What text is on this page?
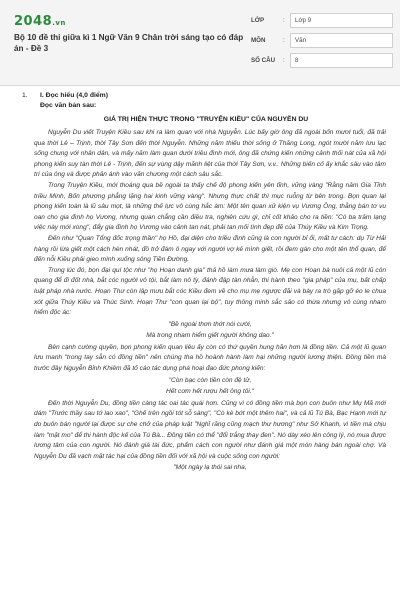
2048.vn
Bộ 10 đề thi giữa kì 1 Ngữ Văn 9 Chân trời sáng tạo có đáp án - Đề 3
LỚP	:	Lớp 9
MÔN	:	Văn
SỐ CÂU	:	8
1. I. Đọc hiểu (4,0 điểm)
Đọc văn bản sau:
GIÁ TRỊ HIỆN THỰC TRONG "TRUYỆN KIỀU" CỦA NGUYỄN DU

Nguyễn Du viết Truyện Kiều sau khi ra làm quan với nhà Nguyễn. Lúc bấy giờ ông đã ngoài bốn mươi tuổi, đã trải qua thời Lê – Trịnh, thời Tây Sơn đến thời Nguyễn. Những năm thiếu thời sống ở Thăng Long, ngót mười năm lưu lạc sống chung với nhân dân, và mấy năm làm quan dưới triều đình mới, ông đã chứng kiến những cảnh thối nát của xã hội phong kiến suy tàn thời Lê - Trịnh, đến sự vùng dậy mãnh liệt của thời Tây Sơn, v.v.. Những biến cố ấy khắc sâu vào tâm trí của ông và được phản ánh vào văn chương một cách sâu sắc.

Trong Truyện Kiều, mới thoáng qua bề ngoài ta thấy chế độ phong kiến yên tĩnh, vững vàng "Rằng năm Gia Tĩnh triều Minh, Bốn phương phẳng lặng hai kinh vững vàng". Nhưng thực chất thì mục ruỗng từ bên trong. Bọn quan lại phong kiến toàn là lũ sâu mọt, là những thế lực vô cùng hắc ám: Một tên quan xử kiện vụ Vương Ông, thằng bán tơ vu oan cho gia đình họ Vương, nhưng quan chẳng cần điều tra, nghiên cứu gì, chỉ cốt khảo cho ra tiền: "Có ba trăm lạng việc này mới xong", đẩy gia đình họ Vương vào cảnh tan nát, phải tan mối tình đẹp đẽ của Thúy Kiều và Kim Trọng.

Đến như "Quan Tổng đốc trọng thần" họ Hồ, đại diện cho triều đình cũng là con người bỉ ổi, mất tư cách: dụ Từ Hải hàng rồi lừa giết một cách hèn nhát, đồ trở đám ô ngay với người vợ kẻ mình giết, rồi đem gán cho một tên thổ quan, để đến nỗi Kiều phải gieo mình xuống sông Tiền Đường.

Trong lúc đó, bọn đại quí tộc như "họ Hoạn danh gia" thả hồ làm mưa làm gió. Mẹ con Hoạn bà nuôi cả một lũ côn quang để đi đốt nhà, bắt cóc người vô tội, bắt làm nô tỳ, đánh đập tàn nhẫn, thi hành theo "gia pháp" của mụ, bất chấp luật pháp nhà nước. Hoạn Thư còn lập mưu bắt cóc Kiều đem về cho mụ mẹ ngược đãi và bày ra trò gặp gỡ éo le chua xót giữa Thúy Kiều và Thúc Sinh. Hoạn Thư "con quan lại bộ", tuy thông minh sắc sảo có thừa nhưng vô cùng nham hiểm độc ác:

"Bề ngoài thơn thớt nói cười,

Mà trong nham hiểm giết người không dao."

Bên cạnh cường quyền, bọn phong kiến quan liêu ấy còn có thứ quyền hung hãn hơn là đồng tiền. Cả một lũ quan lưu manh "trong tay sẵn có đồng tiền" nên chúng tha hồ hoành hành làm hại những người lương thiện. Đồng tiền mà trước đây Nguyễn Bỉnh Khiêm đã tố cáo tác dụng phá hoại đạo đức phong kiến:

"Còn bạc còn tiền còn đệ tử,

Hết cơm hết rượu hết ông tôi."

Đến thời Nguyễn Du, đồng tiền càng tác oai tác quái hơn. Cũng vì có đồng tiền mà bọn con buôn như Mụ Mã mới dám "Trước thầy sau tớ lao xao", "Ghế trên ngồi tót sỗ sàng", "Cò kè bớt một thêm hai", và cả lũ Tú Bà, Bạc Hạnh mới tự do buôn bán người lại được sự che chở của pháp luật "Nghĩ răng cũng mạch thư hương" như Sở Khanh, vì tiền mà chịu làm "mặt mo" để thi hành độc kế của Tú Bà... Đồng tiền có thể "đổi trắng thay đen". Nó dày xéo lên công lý, nó mua được lương tâm của con người. Nó đánh giá tài đức, phẩm cách con người như đánh giá một món hàng bán ngoài chợ. Và Nguyễn Du đã vạch mặt tác hại của đồng tiền đối với xã hội và cuộc sống con người:

"Một ngày lạ thói sai nha,
